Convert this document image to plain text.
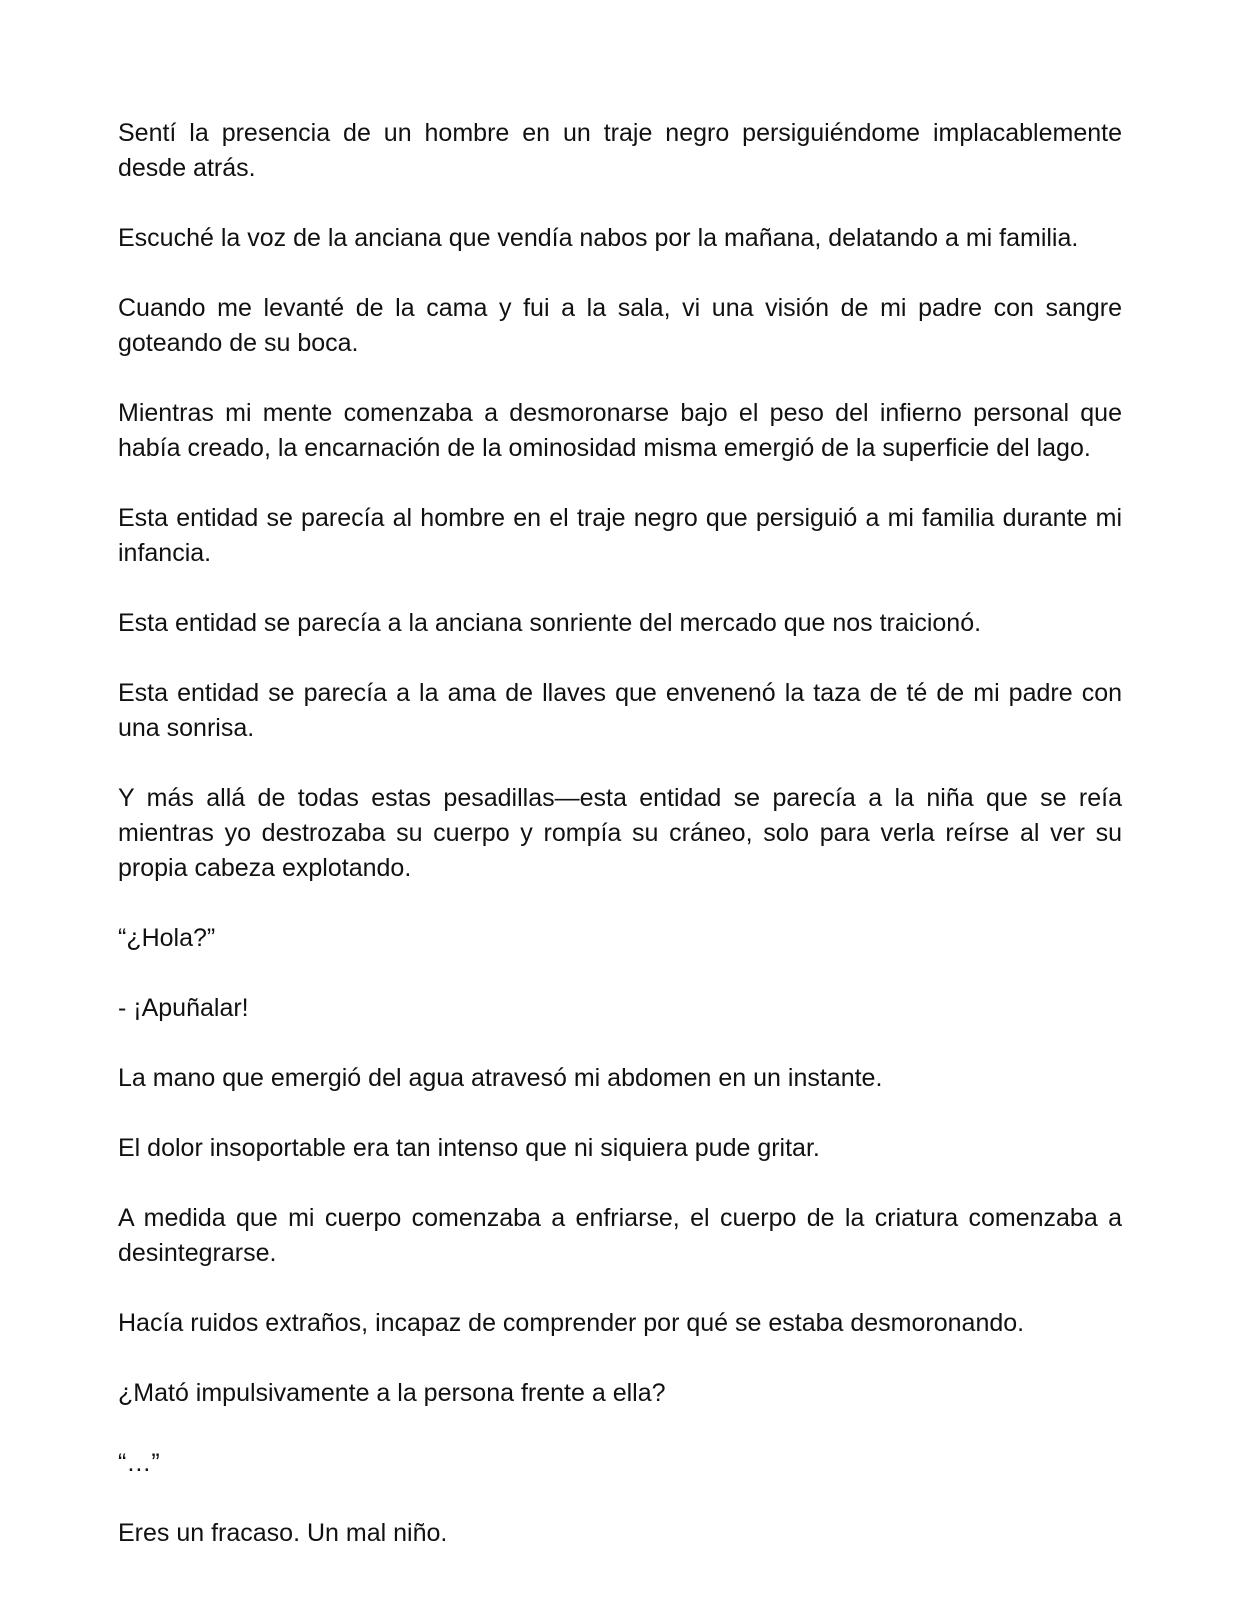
Sentí la presencia de un hombre en un traje negro persiguiéndome implacablemente desde atrás.

Escuché la voz de la anciana que vendía nabos por la mañana, delatando a mi familia.

Cuando me levanté de la cama y fui a la sala, vi una visión de mi padre con sangre goteando de su boca.

Mientras mi mente comenzaba a desmoronarse bajo el peso del infierno personal que había creado, la encarnación de la ominosidad misma emergió de la superficie del lago.

Esta entidad se parecía al hombre en el traje negro que persiguió a mi familia durante mi infancia.

Esta entidad se parecía a la anciana sonriente del mercado que nos traicionó.

Esta entidad se parecía a la ama de llaves que envenenó la taza de té de mi padre con una sonrisa.

Y más allá de todas estas pesadillas—esta entidad se parecía a la niña que se reía mientras yo destrozaba su cuerpo y rompía su cráneo, solo para verla reírse al ver su propia cabeza explotando.

“¿Hola?”

- ¡Apuñalar!

La mano que emergió del agua atravesó mi abdomen en un instante.

El dolor insoportable era tan intenso que ni siquiera pude gritar.

A medida que mi cuerpo comenzaba a enfriarse, el cuerpo de la criatura comenzaba a desintegrarse.

Hacía ruidos extraños, incapaz de comprender por qué se estaba desmoronando.

¿Mató impulsivamente a la persona frente a ella?

“…”

Eres un fracaso. Un mal niño.
